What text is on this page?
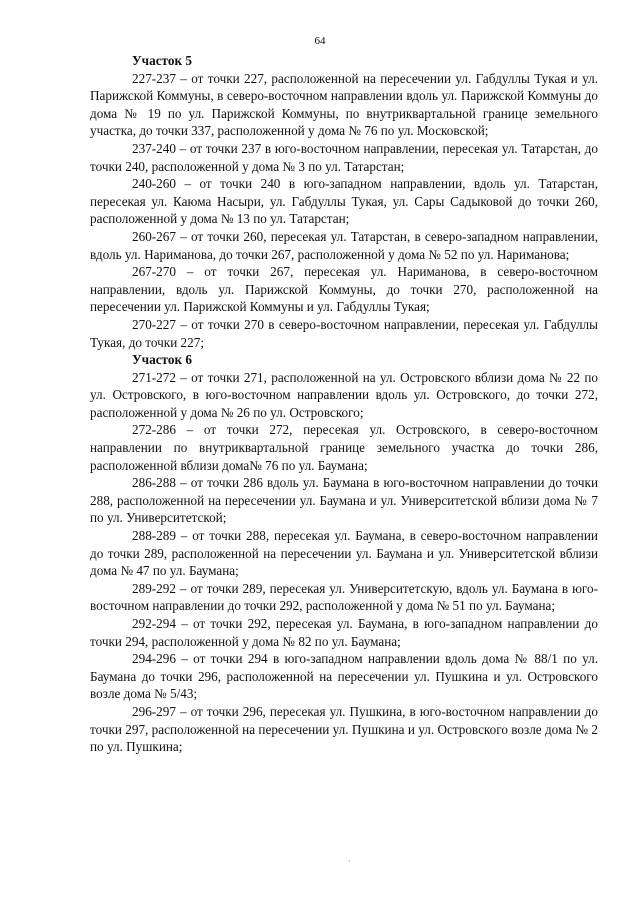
64

Участок 5

227-237 – от точки 227, расположенной на пересечении ул. Габдуллы Тукая и ул. Парижской Коммуны, в северо-восточном направлении вдоль ул. Парижской Коммуны до дома № 19 по ул. Парижской Коммуны, по внутриквартальной границе земельного участка, до точки 337, расположенной у дома № 76 по ул. Московской;

237-240 – от точки 237 в юго-восточном направлении, пересекая ул. Татарстан, до точки 240, расположенной у дома № 3 по ул. Татарстан;

240-260 – от точки 240 в юго-западном направлении, вдоль ул. Татарстан, пересекая ул. Каюма Насыри, ул. Габдуллы Тукая, ул. Сары Садыковой до точки 260, расположенной у дома № 13 по ул. Татарстан;

260-267 – от точки 260, пересекая ул. Татарстан, в северо-западном направлении, вдоль ул. Нариманова, до точки 267, расположенной у дома № 52 по ул. Нариманова;

267-270 – от точки 267, пересекая ул. Нариманова, в северо-восточном направлении, вдоль ул. Парижской Коммуны, до точки 270, расположенной на пересечении ул. Парижской Коммуны и ул. Габдуллы Тукая;

270-227 – от точки 270 в северо-восточном направлении, пересекая ул. Габдуллы Тукая, до точки 227;

Участок 6

271-272 – от точки 271, расположенной на ул. Островского вблизи дома № 22 по ул. Островского, в юго-восточном направлении вдоль ул. Островского, до точки 272, расположенной у дома № 26 по ул. Островского;

272-286 – от точки 272, пересекая ул. Островского, в северо-восточном направлении по внутриквартальной границе земельного участка до точки 286, расположенной вблизи дома№ 76 по ул. Баумана;

286-288 – от точки 286 вдоль ул. Баумана в юго-восточном направлении до точки 288, расположенной на пересечении ул. Баумана и ул. Университетской вблизи дома № 7 по ул. Университетской;

288-289 – от точки 288, пересекая ул. Баумана, в северо-восточном направлении до точки 289, расположенной на пересечении ул. Баумана и ул. Университетской вблизи дома № 47 по ул. Баумана;

289-292 – от точки 289, пересекая ул. Университетскую, вдоль ул. Баумана в юго-восточном направлении до точки 292, расположенной у дома № 51 по ул. Баумана;

292-294 – от точки 292, пересекая ул. Баумана, в юго-западном направлении до точки 294, расположенной у дома № 82 по ул. Баумана;

294-296 – от точки 294 в юго-западном направлении вдоль дома № 88/1 по ул. Баумана до точки 296, расположенной на пересечении ул. Пушкина и ул. Островского возле дома № 5/43;

296-297 – от точки 296, пересекая ул. Пушкина, в юго-восточном направлении до точки 297, расположенной на пересечении ул. Пушкина и ул. Островского возле дома № 2 по ул. Пушкина;

·
